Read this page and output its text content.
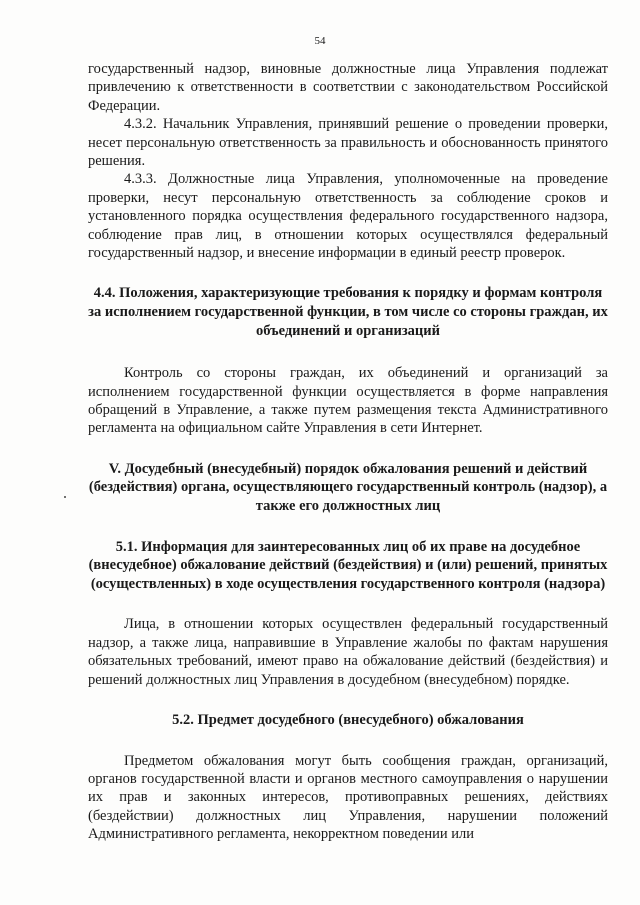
54

государственный надзор, виновные должностные лица Управления подлежат привлечению к ответственности в соответствии с законодательством Российской Федерации.

4.3.2. Начальник Управления, принявший решение о проведении проверки, несет персональную ответственность за правильность и обоснованность принятого решения.

4.3.3. Должностные лица Управления, уполномоченные на проведение проверки, несут персональную ответственность за соблюдение сроков и установленного порядка осуществления федерального государственного надзора, соблюдение прав лиц, в отношении которых осуществлялся федеральный государственный надзор, и внесение информации в единый реестр проверок.

4.4. Положения, характеризующие требования к порядку и формам контроля за исполнением государственной функции, в том числе со стороны граждан, их объединений и организаций

Контроль со стороны граждан, их объединений и организаций за исполнением государственной функции осуществляется в форме направления обращений в Управление, а также путем размещения текста Административного регламента на официальном сайте Управления в сети Интернет.

V. Досудебный (внесудебный) порядок обжалования решений и действий (бездействия) органа, осуществляющего государственный контроль (надзор), а также его должностных лиц

5.1. Информация для заинтересованных лиц об их праве на досудебное (внесудебное) обжалование действий (бездействия) и (или) решений, принятых (осуществленных) в ходе осуществления государственного контроля (надзора)

Лица, в отношении которых осуществлен федеральный государственный надзор, а также лица, направившие в Управление жалобы по фактам нарушения обязательных требований, имеют право на обжалование действий (бездействия) и решений должностных лиц Управления в досудебном (внесудебном) порядке.

5.2. Предмет досудебного (внесудебного) обжалования

Предметом обжалования могут быть сообщения граждан, организаций, органов государственной власти и органов местного самоуправления о нарушении их прав и законных интересов, противоправных решениях, действиях (бездействии) должностных лиц Управления, нарушении положений Административного регламента, некорректном поведении или
